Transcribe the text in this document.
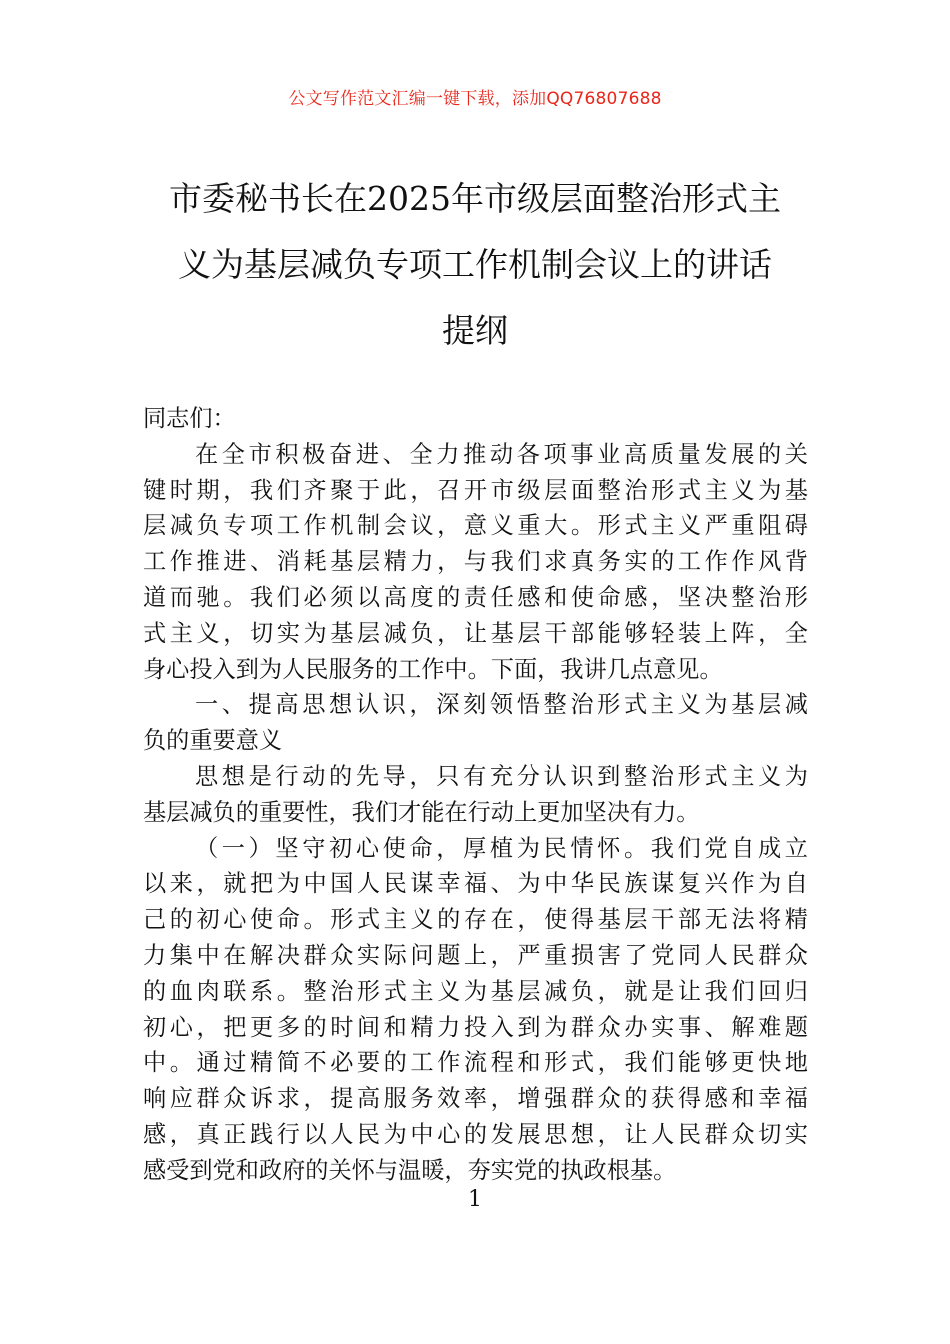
公文写作范文汇编一键下载，添加QQ76807688
市委秘书长在2025年市级层面整治形式主
义为基层减负专项工作机制会议上的讲话
提纲
同志们：
在全市积极奋进、全力推动各项事业高质量发展的关
键时期，我们齐聚于此，召开市级层面整治形式主义为基
层减负专项工作机制会议，意义重大。形式主义严重阻碍
工作推进、消耗基层精力，与我们求真务实的工作作风背
道而驰。我们必须以高度的责任感和使命感，坚决整治形
式主义，切实为基层减负，让基层干部能够轻装上阵，全
身心投入到为人民服务的工作中。下面，我讲几点意见。
一、提高思想认识，深刻领悟整治形式主义为基层减
负的重要意义
思想是行动的先导，只有充分认识到整治形式主义为
基层减负的重要性，我们才能在行动上更加坚决有力。
（一）坚守初心使命，厚植为民情怀。我们党自成立
以来，就把为中国人民谋幸福、为中华民族谋复兴作为自
己的初心使命。形式主义的存在，使得基层干部无法将精
力集中在解决群众实际问题上，严重损害了党同人民群众
的血肉联系。整治形式主义为基层减负，就是让我们回归
初心，把更多的时间和精力投入到为群众办实事、解难题
中。通过精简不必要的工作流程和形式，我们能够更快地
响应群众诉求，提高服务效率，增强群众的获得感和幸福
感，真正践行以人民为中心的发展思想，让人民群众切实
感受到党和政府的关怀与温暖，夯实党的执政根基。
1
